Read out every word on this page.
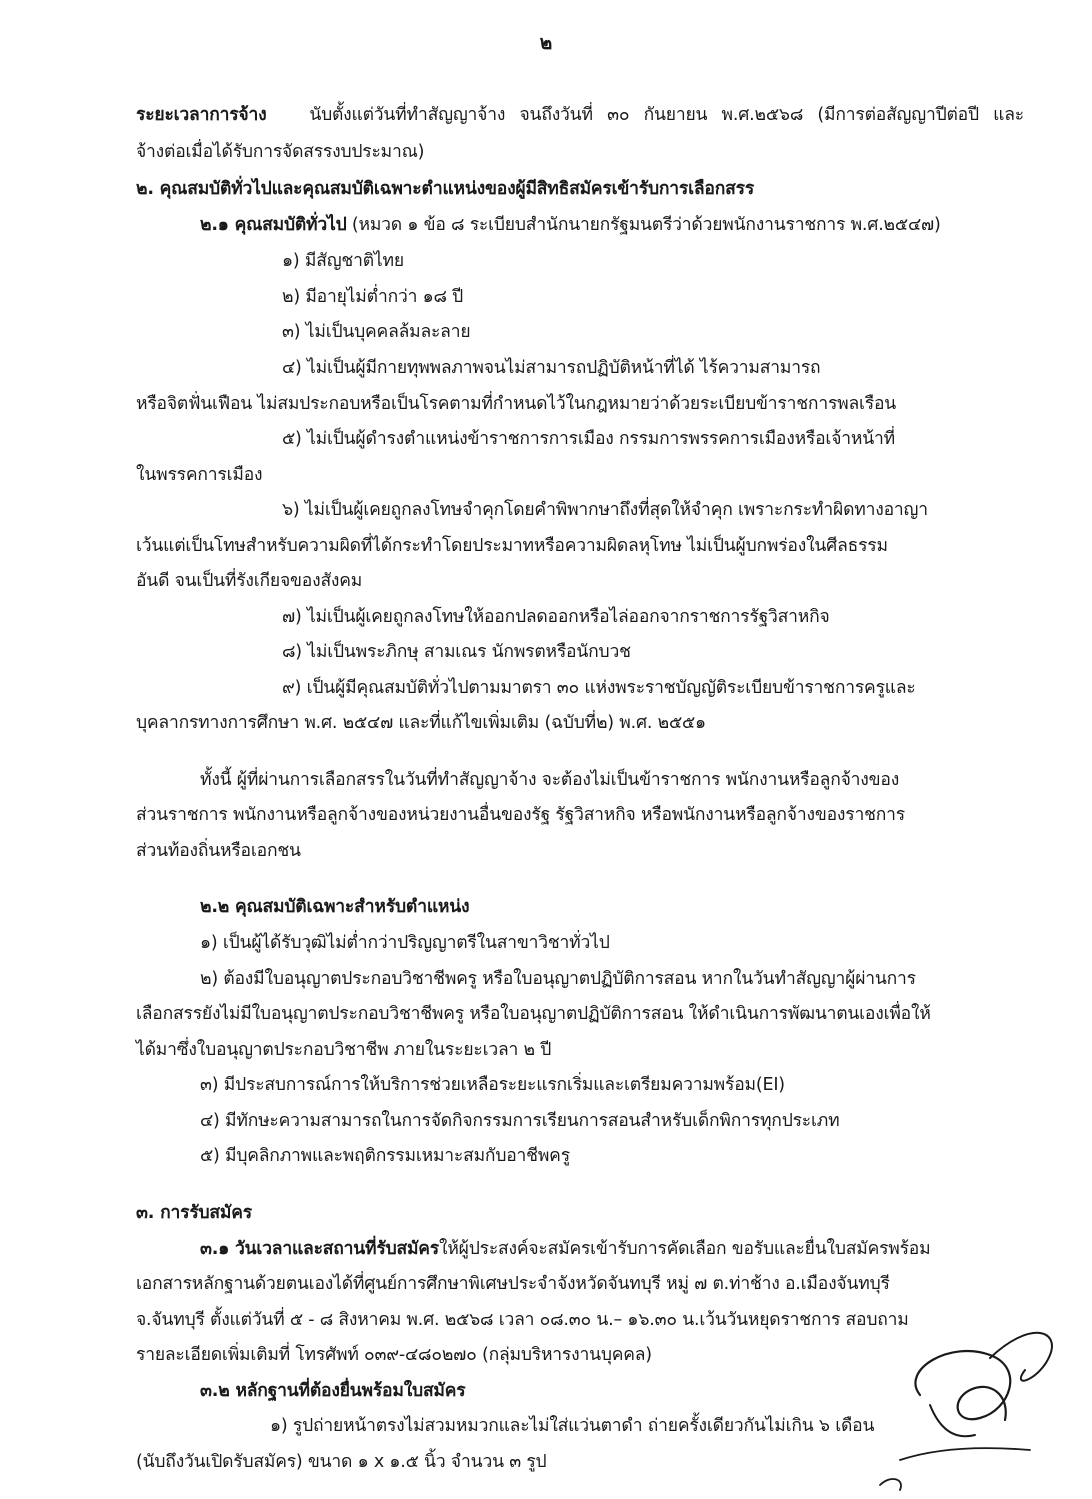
๒
ระยะเวลาการจ้าง นับตั้งแต่วันที่ทำสัญญาจ้าง จนถึงวันที่ ๓๐ กันยายน พ.ศ.๒๕๖๘ (มีการต่อสัญญาปีต่อปี และ
จ้างต่อเมื่อได้รับการจัดสรรงบประมาณ)
๒. คุณสมบัติทั่วไปและคุณสมบัติเฉพาะตำแหน่งของผู้มีสิทธิสมัครเข้ารับการเลือกสรร
๒.๑ คุณสมบัติทั่วไป (หมวด ๑ ข้อ ๘ ระเบียบสำนักนายกรัฐมนตรีว่าด้วยพนักงานราชการ พ.ศ.๒๕๔๗)
๑) มีสัญชาติไทย
๒) มีอายุไม่ต่ำกว่า ๑๘ ปี
๓) ไม่เป็นบุคคลล้มละลาย
๔) ไม่เป็นผู้มีกายทุพพลภาพจนไม่สามารถปฏิบัติหน้าที่ได้ ไร้ความสามารถ
หรือจิตฟั่นเฟือน ไม่สมประกอบหรือเป็นโรคตามที่กำหนดไว้ในกฎหมายว่าด้วยระเบียบข้าราชการพลเรือน
๕) ไม่เป็นผู้ดำรงตำแหน่งข้าราชการการเมือง กรรมการพรรคการเมืองหรือเจ้าหน้าที่
ในพรรคการเมือง
๖) ไม่เป็นผู้เคยถูกลงโทษจำคุกโดยคำพิพากษาถึงที่สุดให้จำคุก เพราะกระทำผิดทางอาญา
เว้นแต่เป็นโทษสำหรับความผิดที่ได้กระทำโดยประมาทหรือความผิดลหุโทษ ไม่เป็นผู้บกพร่องในศีลธรรม
อันดี จนเป็นที่รังเกียจของสังคม
๗) ไม่เป็นผู้เคยถูกลงโทษให้ออกปลดออกหรือไล่ออกจากราชการรัฐวิสาหกิจ
๘) ไม่เป็นพระภิกษุ สามเณร นักพรตหรือนักบวช
๙) เป็นผู้มีคุณสมบัติทั่วไปตามมาตรา ๓๐ แห่งพระราชบัญญัติระเบียบข้าราชการครูและ
บุคลากรทางการศึกษา พ.ศ. ๒๕๔๗ และที่แก้ไขเพิ่มเติม (ฉบับที่๒) พ.ศ. ๒๕๕๑
ทั้งนี้ ผู้ที่ผ่านการเลือกสรรในวันที่ทำสัญญาจ้าง จะต้องไม่เป็นข้าราชการ พนักงานหรือลูกจ้างของ
ส่วนราชการ พนักงานหรือลูกจ้างของหน่วยงานอื่นของรัฐ รัฐวิสาหกิจ หรือพนักงานหรือลูกจ้างของราชการ
ส่วนท้องถิ่นหรือเอกชน
๒.๒ คุณสมบัติเฉพาะสำหรับตำแหน่ง
๑) เป็นผู้ได้รับวุฒิไม่ต่ำกว่าปริญญาตรีในสาขาวิชาทั่วไป
๒) ต้องมีใบอนุญาตประกอบวิชาชีพครู หรือใบอนุญาตปฏิบัติการสอน หากในวันทำสัญญาผู้ผ่านการ
เลือกสรรยังไม่มีใบอนุญาตประกอบวิชาชีพครู หรือใบอนุญาตปฏิบัติการสอน ให้ดำเนินการพัฒนาตนเองเพื่อให้
ได้มาซึ่งใบอนุญาตประกอบวิชาชีพ ภายในระยะเวลา ๒ ปี
๓) มีประสบการณ์การให้บริการช่วยเหลือระยะแรกเริ่มและเตรียมความพร้อม(EI)
๔) มีทักษะความสามารถในการจัดกิจกรรมการเรียนการสอนสำหรับเด็กพิการทุกประเภท
๕) มีบุคลิกภาพและพฤติกรรมเหมาะสมกับอาชีพครู
๓. การรับสมัคร
๓.๑ วันเวลาและสถานที่รับสมัครให้ผู้ประสงค์จะสมัครเข้ารับการคัดเลือก ขอรับและยื่นใบสมัครพร้อม
เอกสารหลักฐานด้วยตนเองได้ที่ศูนย์การศึกษาพิเศษประจำจังหวัดจันทบุรี หมู่ ๗ ต.ท่าช้าง อ.เมืองจันทบุรี
จ.จันทบุรี ตั้งแต่วันที่ ๕ - ๘ สิงหาคม พ.ศ. ๒๕๖๘ เวลา ๐๘.๓๐ น.– ๑๖.๓๐ น.เว้นวันหยุดราชการ สอบถาม
รายละเอียดเพิ่มเติมที่ โทรศัพท์ ๐๓๙-๔๘๐๒๗๐ (กลุ่มบริหารงานบุคคล)
๓.๒ หลักฐานที่ต้องยื่นพร้อมใบสมัคร
๑) รูปถ่ายหน้าตรงไม่สวมหมวกและไม่ใส่แว่นตาดำ ถ่ายครั้งเดียวกันไม่เกิน ๖ เดือน
(นับถึงวันเปิดรับสมัคร) ขนาด ๑ x ๑.๕ นิ้ว จำนวน ๓ รูป
